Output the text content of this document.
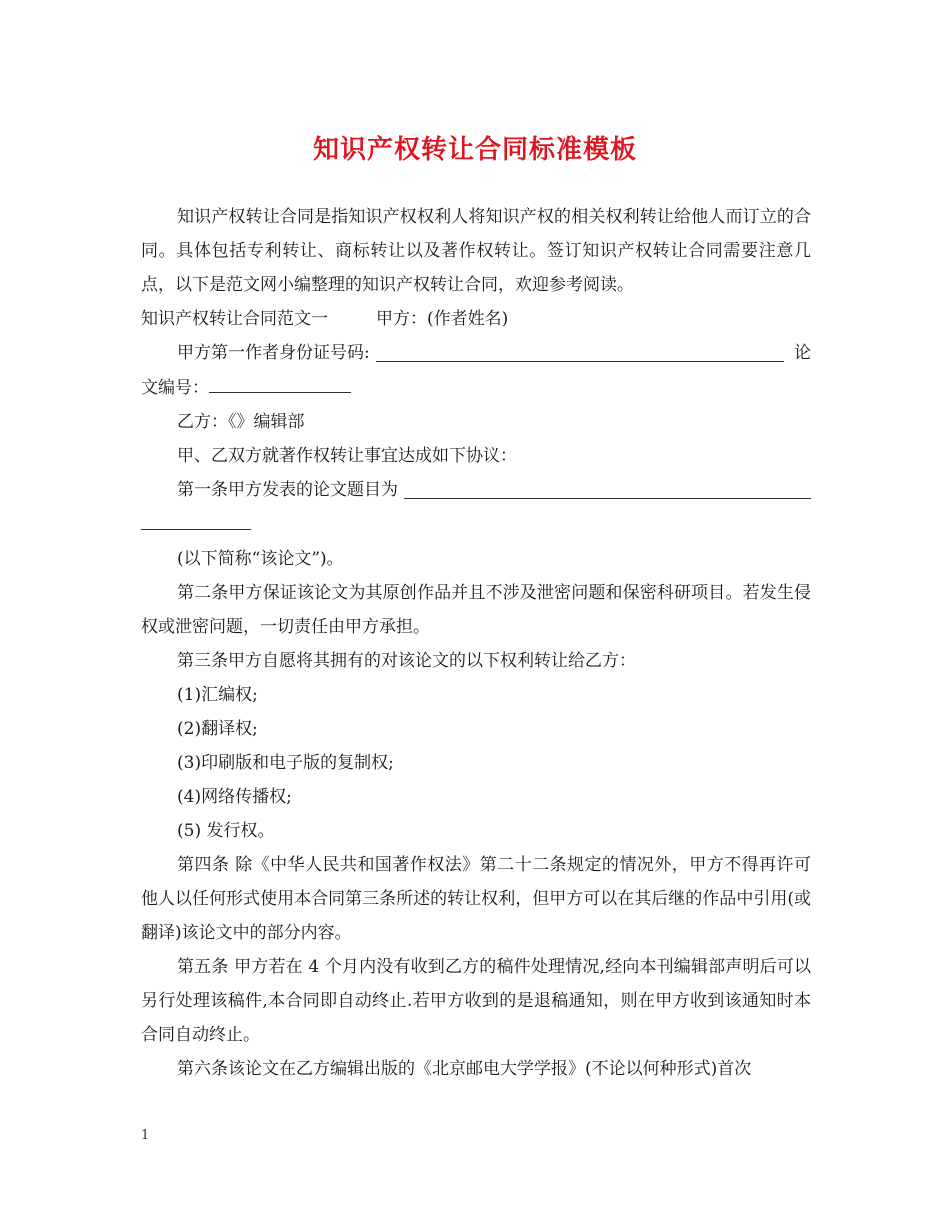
知识产权转让合同标准模板

知识产权转让合同是指知识产权权利人将知识产权的相关权利转让给他人而订立的合同。具体包括专利转让、商标转让以及著作权转让。签订知识产权转让合同需要注意几点，以下是范文网小编整理的知识产权转让合同，欢迎参考阅读。

知识产权转让合同范文一	甲方：(作者姓名)

甲方第一作者身份证号码:	论

文编号：

乙方：《》编辑部

甲、乙双方就著作权转让事宜达成如下协议：

第一条甲方发表的论文题目为

(以下简称“该论文”)。

第二条甲方保证该论文为其原创作品并且不涉及泄密问题和保密科研项目。若发生侵权或泄密问题，一切责任由甲方承担。

第三条甲方自愿将其拥有的对该论文的以下权利转让给乙方：

(1)汇编权;

(2)翻译权;

(3)印刷版和电子版的复制权;

(4)网络传播权;

(5) 发行权。

第四条 除《中华人民共和国著作权法》第二十二条规定的情况外，甲方不得再许可他人以任何形式使用本合同第三条所述的转让权利，但甲方可以在其后继的作品中引用(或翻译)该论文中的部分内容。

第五条 甲方若在 4 个月内没有收到乙方的稿件处理情况,经向本刊编辑部声明后可以另行处理该稿件,本合同即自动终止.若甲方收到的是退稿通知，则在甲方收到该通知时本合同自动终止。

第六条该论文在乙方编辑出版的《北京邮电大学学报》(不论以何种形式)首次

1
